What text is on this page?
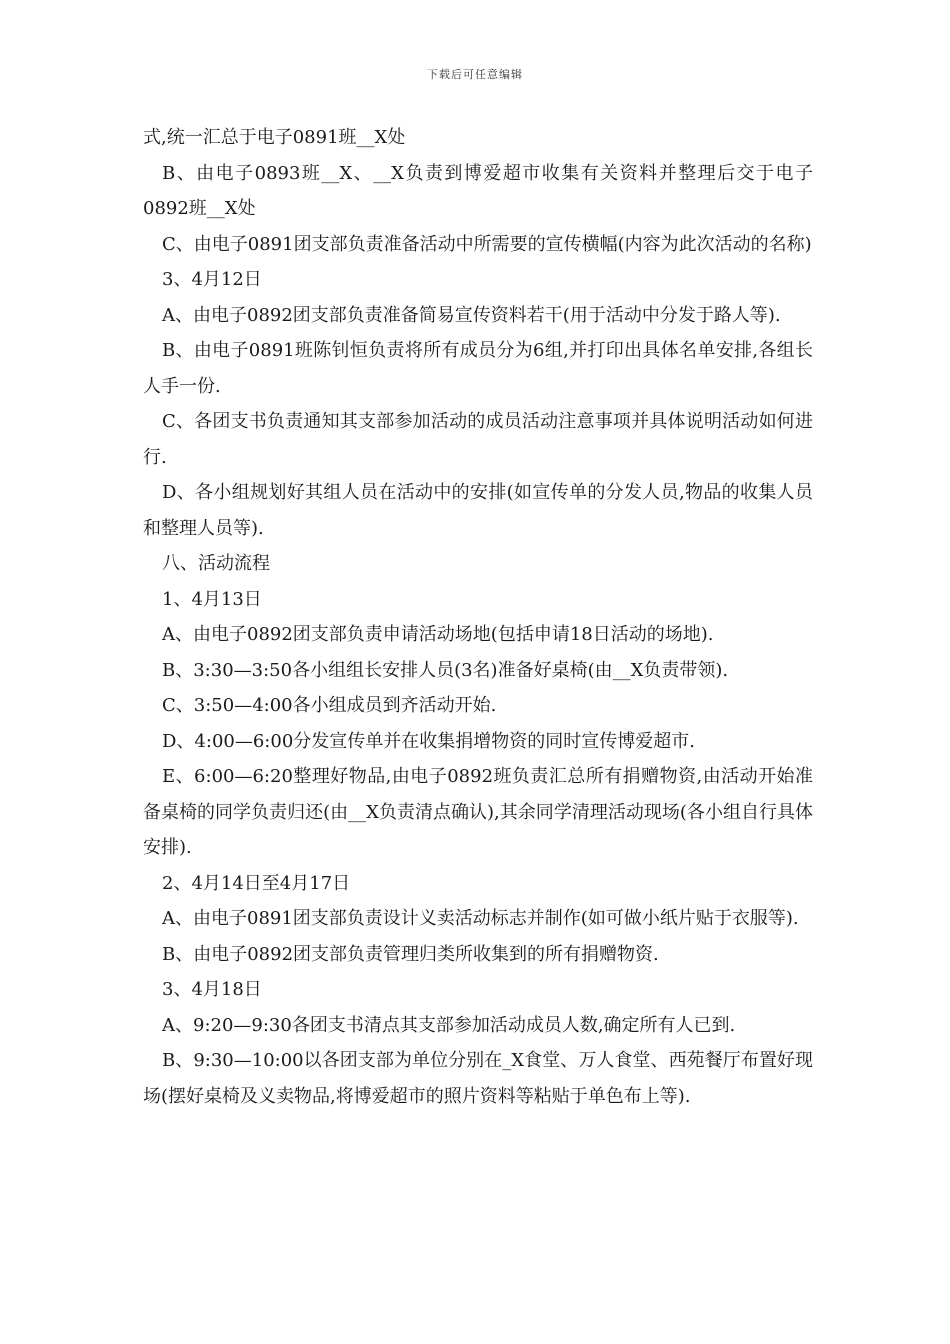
下载后可任意编辑

式,统一汇总于电子0891班__X处

B、由电子0893班__X、__X负责到博爱超市收集有关资料并整理后交于电子0892班__X处

C、由电子0891团支部负责准备活动中所需要的宣传横幅(内容为此次活动的名称)

3、4月12日

A、由电子0892团支部负责准备简易宣传资料若干(用于活动中分发于路人等).

B、由电子0891班陈钊恒负责将所有成员分为6组,并打印出具体名单安排,各组长人手一份.

C、各团支书负责通知其支部参加活动的成员活动注意事项并具体说明活动如何进行.

D、各小组规划好其组人员在活动中的安排(如宣传单的分发人员,物品的收集人员和整理人员等).

八、活动流程

1、4月13日

A、由电子0892团支部负责申请活动场地(包括申请18日活动的场地).

B、3:30—3:50各小组组长安排人员(3名)准备好桌椅(由__X负责带领).

C、3:50—4:00各小组成员到齐活动开始.

D、4:00—6:00分发宣传单并在收集捐增物资的同时宣传博爱超市.

E、6:00—6:20整理好物品,由电子0892班负责汇总所有捐赠物资,由活动开始准备桌椅的同学负责归还(由__X负责清点确认),其余同学清理活动现场(各小组自行具体安排).

2、4月14日至4月17日

A、由电子0891团支部负责设计义卖活动标志并制作(如可做小纸片贴于衣服等).

B、由电子0892团支部负责管理归类所收集到的所有捐赠物资.

3、4月18日

A、9:20—9:30各团支书清点其支部参加活动成员人数,确定所有人已到.

B、9:30—10:00以各团支部为单位分别在_X食堂、万人食堂、西苑餐厅布置好现场(摆好桌椅及义卖物品,将博爱超市的照片资料等粘贴于单色布上等).
